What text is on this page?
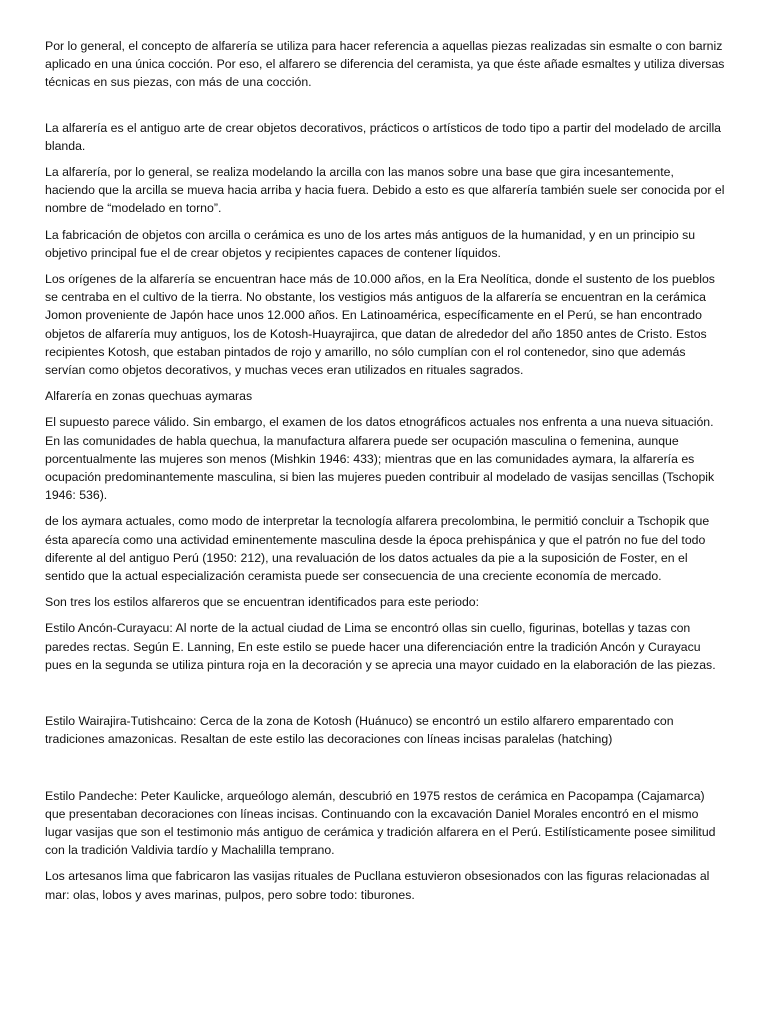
Por lo general, el concepto de alfarería se utiliza para hacer referencia a aquellas piezas realizadas sin esmalte o con barniz aplicado en una única cocción. Por eso, el alfarero se diferencia del ceramista, ya que éste añade esmaltes y utiliza diversas técnicas en sus piezas, con más de una cocción.

La alfarería es el antiguo arte de crear objetos decorativos, prácticos o artísticos de todo tipo a partir del modelado de arcilla blanda.

La alfarería, por lo general, se realiza modelando la arcilla con las manos sobre una base que gira incesantemente, haciendo que la arcilla se mueva hacia arriba y hacia fuera. Debido a esto es que alfarería también suele ser conocida por el nombre de “modelado en torno”.

La fabricación de objetos con arcilla o cerámica es uno de los artes más antiguos de la humanidad, y en un principio su objetivo principal fue el de crear objetos y recipientes capaces de contener líquidos.

Los orígenes de la alfarería se encuentran hace más de 10.000 años, en la Era Neolítica, donde el sustento de los pueblos se centraba en el cultivo de la tierra. No obstante, los vestigios más antiguos de la alfarería se encuentran en la cerámica Jomon proveniente de Japón hace unos 12.000 años. En Latinoamérica, específicamente en el Perú, se han encontrado objetos de alfarería muy antiguos, los de Kotosh-Huayrajirca, que datan de alrededor del año 1850 antes de Cristo. Estos recipientes Kotosh, que estaban pintados de rojo y amarillo, no sólo cumplían con el rol contenedor, sino que además servían como objetos decorativos, y muchas veces eran utilizados en rituales sagrados.

Alfarería en zonas quechuas aymaras

El supuesto parece válido. Sin embargo, el examen de los datos etnográficos actuales nos enfrenta a una nueva situación. En las comunidades de habla quechua, la manufactura alfarera puede ser ocupación masculina o femenina, aunque porcentualmente las mujeres son menos (Mishkin 1946: 433); mientras que en las comunidades aymara, la alfarería es ocupación predominantemente masculina, si bien las mujeres pueden contribuir al modelado de vasijas sencillas (Tschopik 1946: 536).

de los aymara actuales, como modo de interpretar la tecnología alfarera precolombina, le permitió concluir a Tschopik que ésta aparecía como una actividad eminentemente masculina desde la época prehispánica y que el patrón no fue del todo diferente al del antiguo Perú (1950: 212), una revaluación de los datos actuales da pie a la suposición de Foster, en el sentido que la actual especialización ceramista puede ser consecuencia de una creciente economía de mercado.

Son tres los estilos alfareros que se encuentran identificados para este periodo:

Estilo Ancón-Curayacu: Al norte de la actual ciudad de Lima se encontró ollas sin cuello, figurinas, botellas y tazas con paredes rectas. Según E. Lanning, En este estilo se puede hacer una diferenciación entre la tradición Ancón y Curayacu pues en la segunda se utiliza pintura roja en la decoración y se aprecia una mayor cuidado en la elaboración de las piezas.

Estilo Wairajira-Tutishcaino: Cerca de la zona de Kotosh (Huánuco) se encontró un estilo alfarero emparentado con tradiciones amazonicas. Resaltan de este estilo las decoraciones con líneas incisas paralelas (hatching)

Estilo Pandeche: Peter Kaulicke, arqueólogo alemán, descubrió en 1975 restos de cerámica en Pacopampa (Cajamarca) que presentaban decoraciones con líneas incisas. Continuando con la excavación Daniel Morales encontró en el mismo lugar vasijas que son el testimonio más antiguo de cerámica y tradición alfarera en el Perú. Estilísticamente posee similitud con la tradición Valdivia tardío y Machalilla temprano.

Los artesanos lima que fabricaron las vasijas rituales de Pucllana estuvieron obsesionados con las figuras relacionadas al mar: olas, lobos y aves marinas, pulpos, pero sobre todo: tiburones.
